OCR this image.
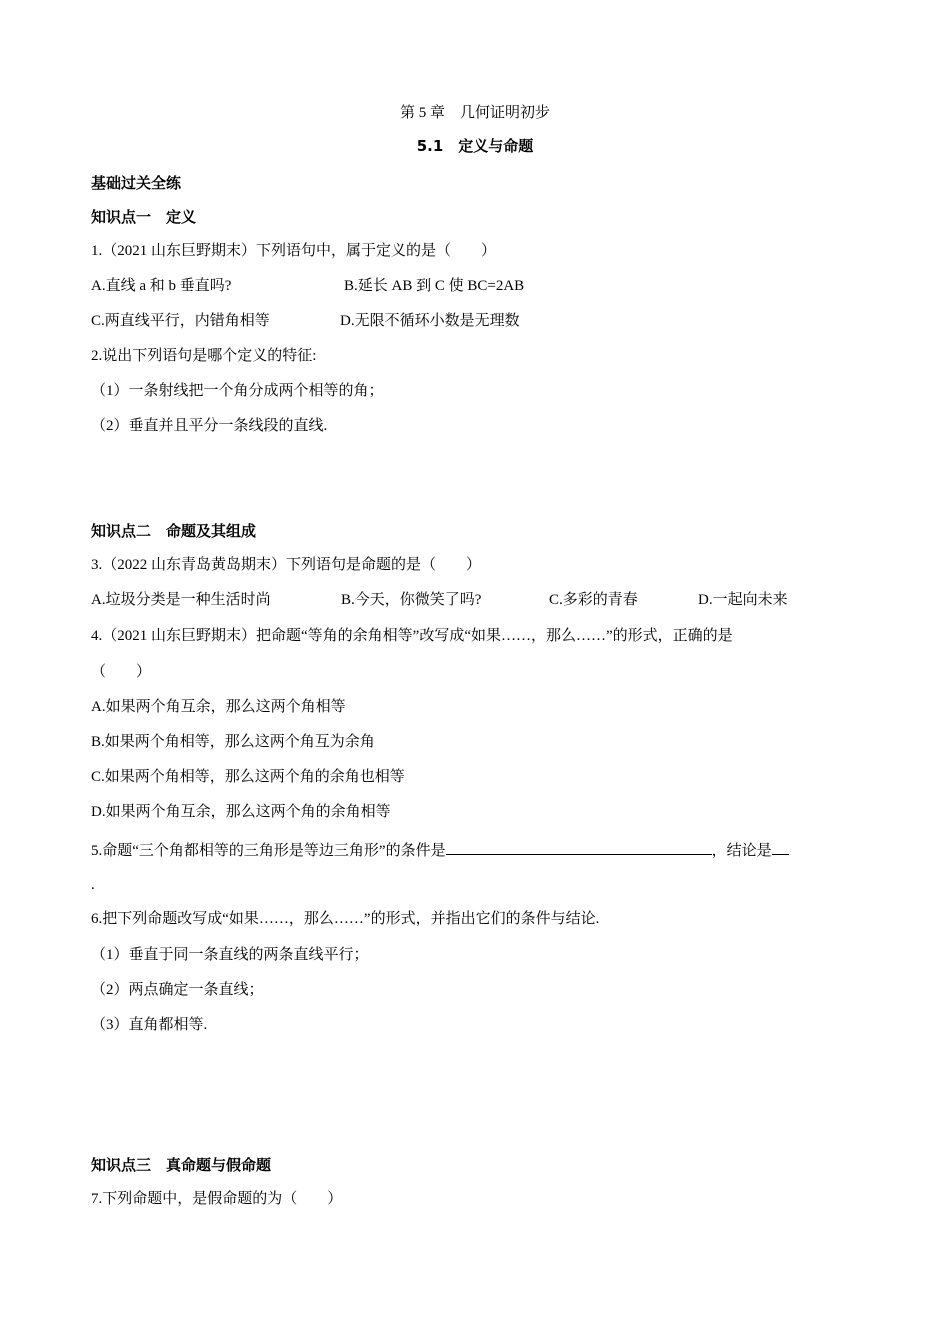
第 5 章　几何证明初步
5.1　定义与命题
基础过关全练
知识点一　定义
1.（2021 山东巨野期末）下列语句中，属于定义的是（　　）
A.直线 a 和 b 垂直吗?	B.延长 AB 到 C 使 BC=2AB
C.两直线平行，内错角相等	D.无限不循环小数是无理数
2.说出下列语句是哪个定义的特征:
（1）一条射线把一个角分成两个相等的角；
（2）垂直并且平分一条线段的直线.
知识点二　命题及其组成
3.（2022 山东青岛黄岛期末）下列语句是命题的是（　　）
A.垃圾分类是一种生活时尚	B.今天，你微笑了吗?	C.多彩的青春	D.一起向未来
4.（2021 山东巨野期末）把命题“等角的余角相等”改写成“如果……，那么……”的形式，正确的是
（　　）
A.如果两个角互余，那么这两个角相等
B.如果两个角相等，那么这两个角互为余角
C.如果两个角相等，那么这两个角的余角也相等
D.如果两个角互余，那么这两个角的余角相等
5.命题“三个角都相等的三角形是等边三角形”的条件是	，结论是
.
6.把下列命题改写成“如果……，那么……”的形式，并指出它们的条件与结论.
（1）垂直于同一条直线的两条直线平行；
（2）两点确定一条直线；
（3）直角都相等.
知识点三　真命题与假命题
7.下列命题中，是假命题的为（　　）
